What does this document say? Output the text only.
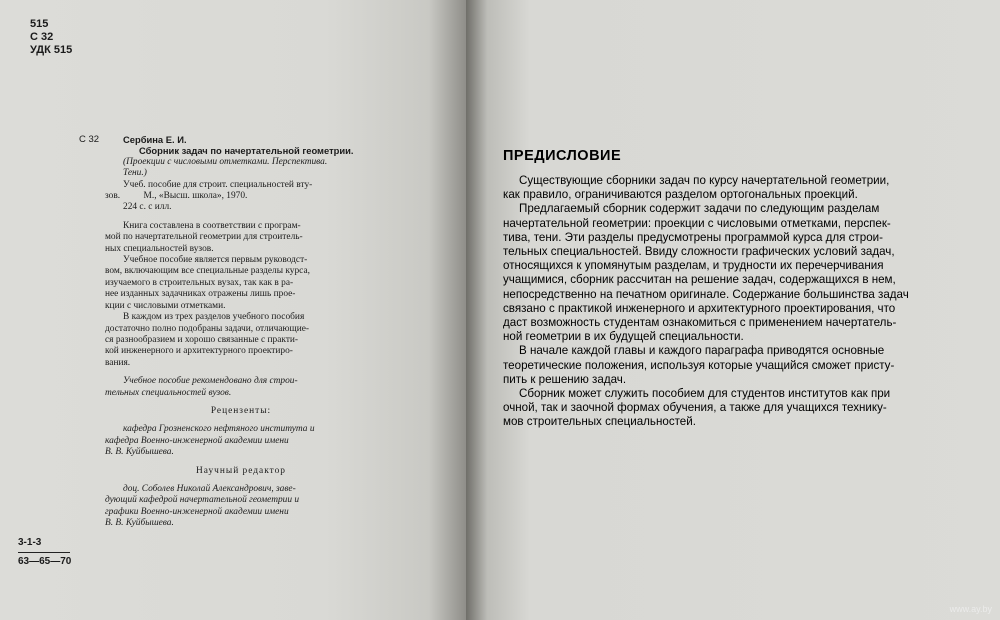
515
С 32
УДК 515
С 32	Сербина Е. И.
Сборник задач по начертательной геометрии.
(Проекции с числовыми отметками. Перспектива.
Тени.)
Учеб. пособие для строит. специальностей вту-
зов.          М., «Высш. школа», 1970.
224 с. с илл.
Книга составлена в соответствии с програм-
мой по начертательной геометрии для строитель-
ных специальностей вузов.
Учебное пособие является первым руководст-
вом, включающим все специальные разделы курса,
изучаемого в строительных вузах, так как в ра-
нее изданных задачниках отражены лишь прое-
кции с числовыми отметками.
В каждом из трех разделов учебного пособия
достаточно полно подобраны задачи, отличающие-
ся разнообразием и хорошо связанные с практи-
кой инженерного и архитектурного проектиро-
вания.
Учебное пособие рекомендовано для строи-
тельных специальностей вузов.
Рецензенты:
кафедра Грозненского нефтяного института и
кафедра Военно-инженерной академии имени
В. В. Куйбышева.
Научный редактор
доц. Соболев Николай Александрович, заве-
дующий кафедрой начертательной геометрии и
графики Военно-инженерной академии имени
В. В. Куйбышева.
3-1-3
63—65—70
www.ay.by
ПРЕДИСЛОВИЕ
Существующие сборники задач по курсу начертательной геометрии,
как правило, ограничиваются разделом ортогональных проекций.
Предлагаемый сборник содержит задачи по следующим разделам
начертательной геометрии: проекции с числовыми отметками, перспек-
тива, тени. Эти разделы предусмотрены программой курса для строи-
тельных специальностей. Ввиду сложности графических условий задач,
относящихся к упомянутым разделам, и трудности их перечерчивания
учащимися, сборник рассчитан на решение задач, содержащихся в нем,
непосредственно на печатном оригинале. Содержание большинства задач
связано с практикой инженерного и архитектурного проектирования, что
даст возможность студентам ознакомиться с применением начертатель-
ной геометрии в их будущей специальности.
В начале каждой главы и каждого параграфа приводятся основные
теоретические положения, используя которые учащийся сможет присту-
пить к решению задач.
Сборник может служить пособием для студентов институтов как при
очной, так и заочной формах обучения, а также для учащихся технику-
мов строительных специальностей.
